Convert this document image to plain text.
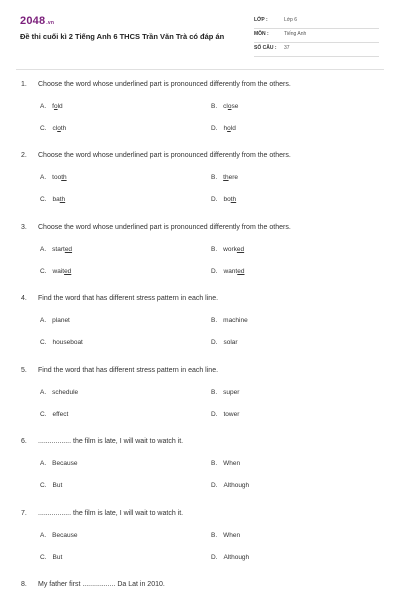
2048.vn
Đề thi cuối kì 2 Tiếng Anh 6 THCS Trần Văn Trà có đáp án
LỚP :	Lớp 6
MÔN :	Tiếng Anh
SỐ CÂU : 37
1. Choose the word whose underlined part is pronounced differently from the others.
A. fold	B. close
C. cloth	D. hold
2. Choose the word whose underlined part is pronounced differently from the others.
A. tooth	B. there
C. bath	D. both
3. Choose the word whose underlined part is pronounced differently from the others.
A. started	B. worked
C. waited	D. wanted
4. Find the word that has different stress pattern in each line.
A. planet	B. machine
C. houseboat	D. solar
5. Find the word that has different stress pattern in each line.
A. schedule	B. super
C. effect	D. tower
6. ................. the film is late, I will wait to watch it.
A. Because	B. When
C. But	D. Although
7. ................. the film is late, I will wait to watch it.
A. Because	B. When
C. But	D. Although
8. My father first ................. Da Lat in 2010.
